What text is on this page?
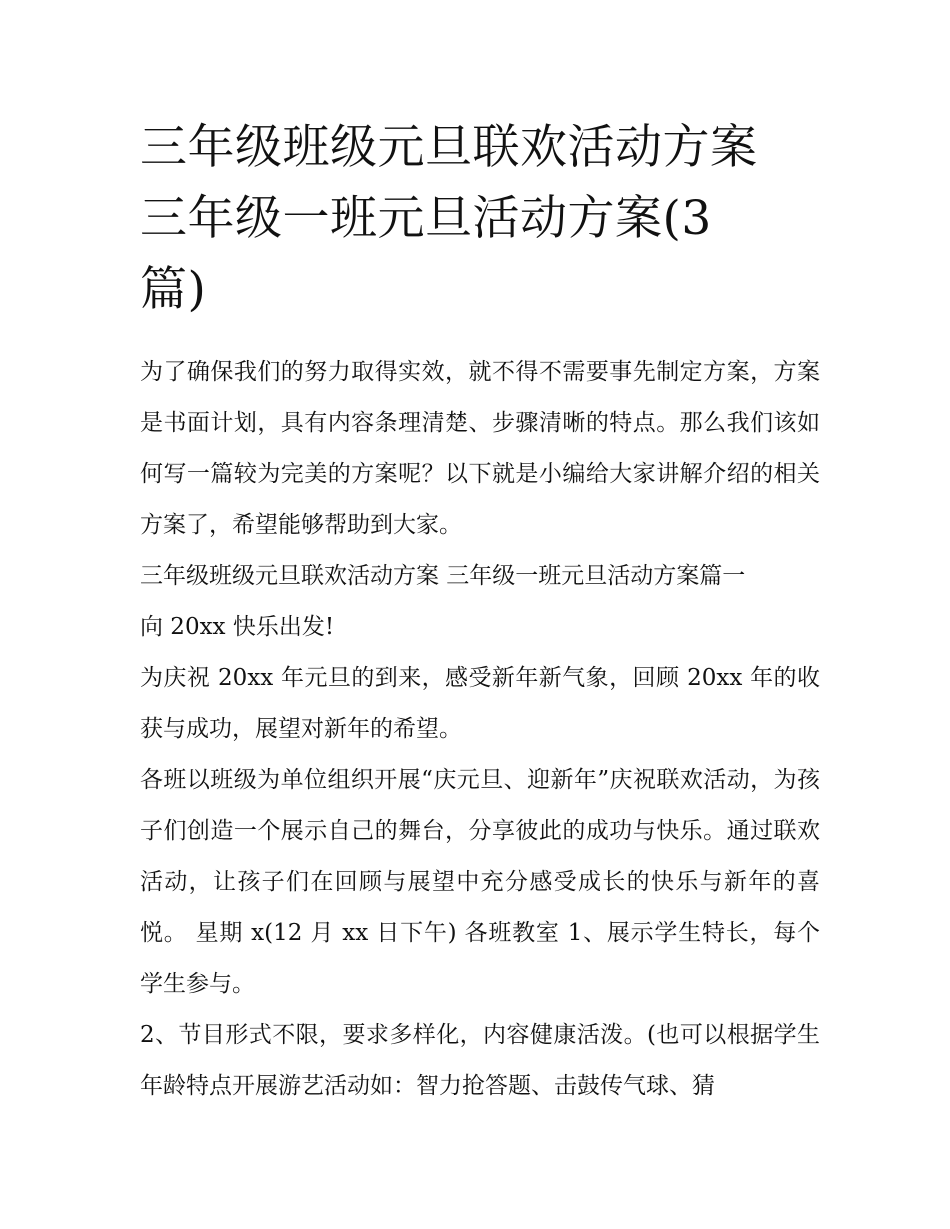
三年级班级元旦联欢活动方案
三年级一班元旦活动方案(3
篇)

为了确保我们的努力取得实效，就不得不需要事先制定方案，方案是书面计划，具有内容条理清楚、步骤清晰的特点。那么我们该如何写一篇较为完美的方案呢？以下就是小编给大家讲解介绍的相关方案了，希望能够帮助到大家。

三年级班级元旦联欢活动方案 三年级一班元旦活动方案篇一

向 20xx 快乐出发!

为庆祝 20xx 年元旦的到来，感受新年新气象，回顾 20xx 年的收获与成功，展望对新年的希望。

各班以班级为单位组织开展“庆元旦、迎新年”庆祝联欢活动，为孩子们创造一个展示自己的舞台，分享彼此的成功与快乐。通过联欢活动，让孩子们在回顾与展望中充分感受成长的快乐与新年的喜悦。 星期 x(12 月 xx 日下午) 各班教室 1、展示学生特长，每个学生参与。

2、节目形式不限，要求多样化，内容健康活泼。(也可以根据学生年龄特点开展游艺活动如：智力抢答题、击鼓传气球、猜
